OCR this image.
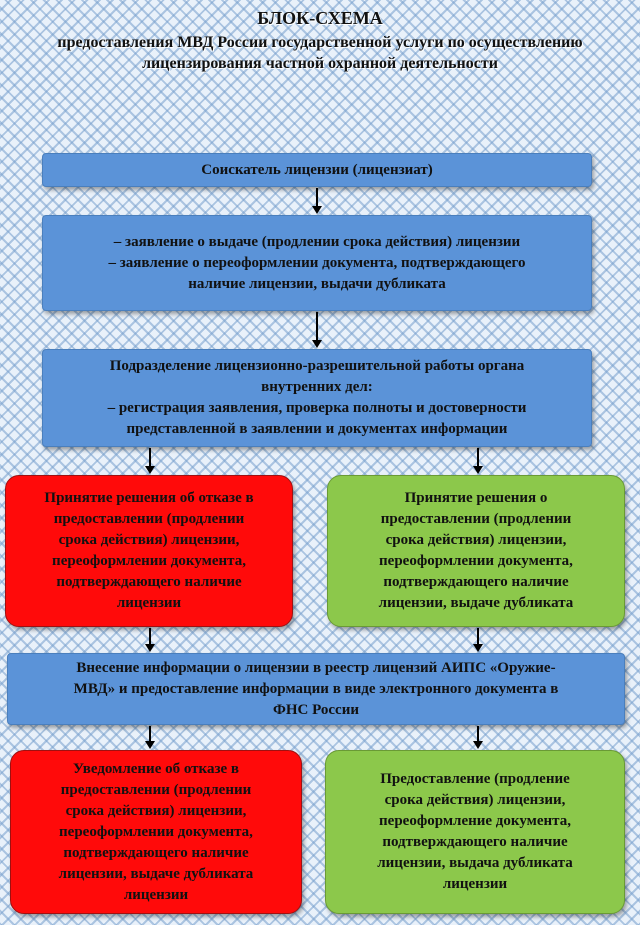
БЛОК-СХЕМА
предоставления МВД России государственной услуги по осуществлению
лицензирования частной охранной деятельности
Соискатель лицензии (лицензиат)
– заявление о выдаче (продлении срока действия) лицензии
– заявление о переоформлении документа, подтверждающего
наличие лицензии, выдачи дубликата
Подразделение лицензионно-разрешительной работы органа
внутренних дел:
– регистрация заявления, проверка полноты и достоверности
представленной в заявлении и документах информации
Принятие решения об отказе в
предоставлении (продлении
срока действия) лицензии,
переоформлении документа,
подтверждающего наличие
лицензии
Принятие решения о
предоставлении (продлении
срока действия) лицензии,
переоформлении документа,
подтверждающего наличие
лицензии, выдаче дубликата
Внесение информации о лицензии в реестр лицензий АИПС «Оружие-
МВД» и предоставление информации в виде электронного документа в
ФНС России
Уведомление об отказе в
предоставлении (продлении
срока действия) лицензии,
переоформлении документа,
подтверждающего наличие
лицензии, выдаче дубликата
лицензии
Предоставление (продление
срока действия) лицензии,
переоформление документа,
подтверждающего наличие
лицензии, выдача дубликата
лицензии
